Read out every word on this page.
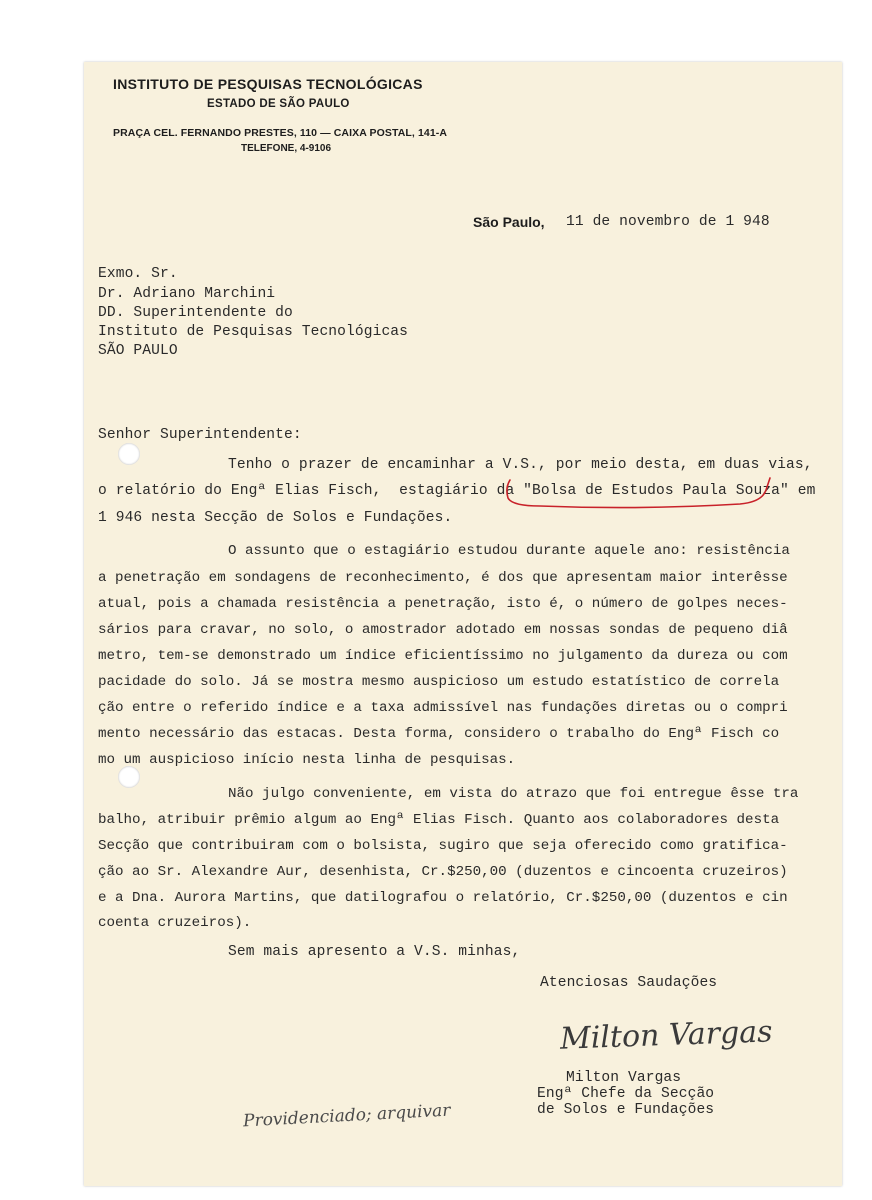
INSTITUTO DE PESQUISAS TECNOLÓGICAS
ESTADO DE SÃO PAULO
PRAÇA CEL. FERNANDO PRESTES, 110 — CAIXA POSTAL, 141-A
TELEFONE, 4-9106
São Paulo, 11 de novembro de 1 948
Exmo. Sr.
Dr. Adriano Marchini
DD. Superintendente do
Instituto de Pesquisas Tecnológicas
SÃO PAULO
Senhor Superintendente:
Tenho o prazer de encaminhar a V.S., por meio desta, em duas vias,
o relatório do Engª Elias Fisch,  estagiário da "Bolsa de Estudos Paula Souza" em
1 946 nesta Secção de Solos e Fundações.
O assunto que o estagiário estudou durante aquele ano: resistência
a penetração em sondagens de reconhecimento, é dos que apresentam maior interêsse
atual, pois a chamada resistência a penetração, isto é, o número de golpes neces-
sários para cravar, no solo, o amostrador adotado em nossas sondas de pequeno diâ
metro, tem-se demonstrado um índice eficientíssimo no julgamento da dureza ou com
pacidade do solo. Já se mostra mesmo auspicioso um estudo estatístico de correla
ção entre o referido índice e a taxa admissível nas fundações diretas ou o compri
mento necessário das estacas. Desta forma, considero o trabalho do Engª Fisch co
mo um auspicioso início nesta linha de pesquisas.
Não julgo conveniente, em vista do atrazo que foi entregue êsse tra
balho, atribuir prêmio algum ao Engª Elias Fisch. Quanto aos colaboradores desta
Secção que contribuiram com o bolsista, sugiro que seja oferecido como gratifica-
ção ao Sr. Alexandre Aur, desenhista, Cr.$250,00 (duzentos e cincoenta cruzeiros)
e a Dna. Aurora Martins, que datilografou o relatório, Cr.$250,00 (duzentos e cin
coenta cruzeiros).
Sem mais apresento a V.S. minhas,
Atenciosas Saudações
Milton Vargas
Milton Vargas
Engª Chefe da Secção
de Solos e Fundações
Providenciado; arquivar
